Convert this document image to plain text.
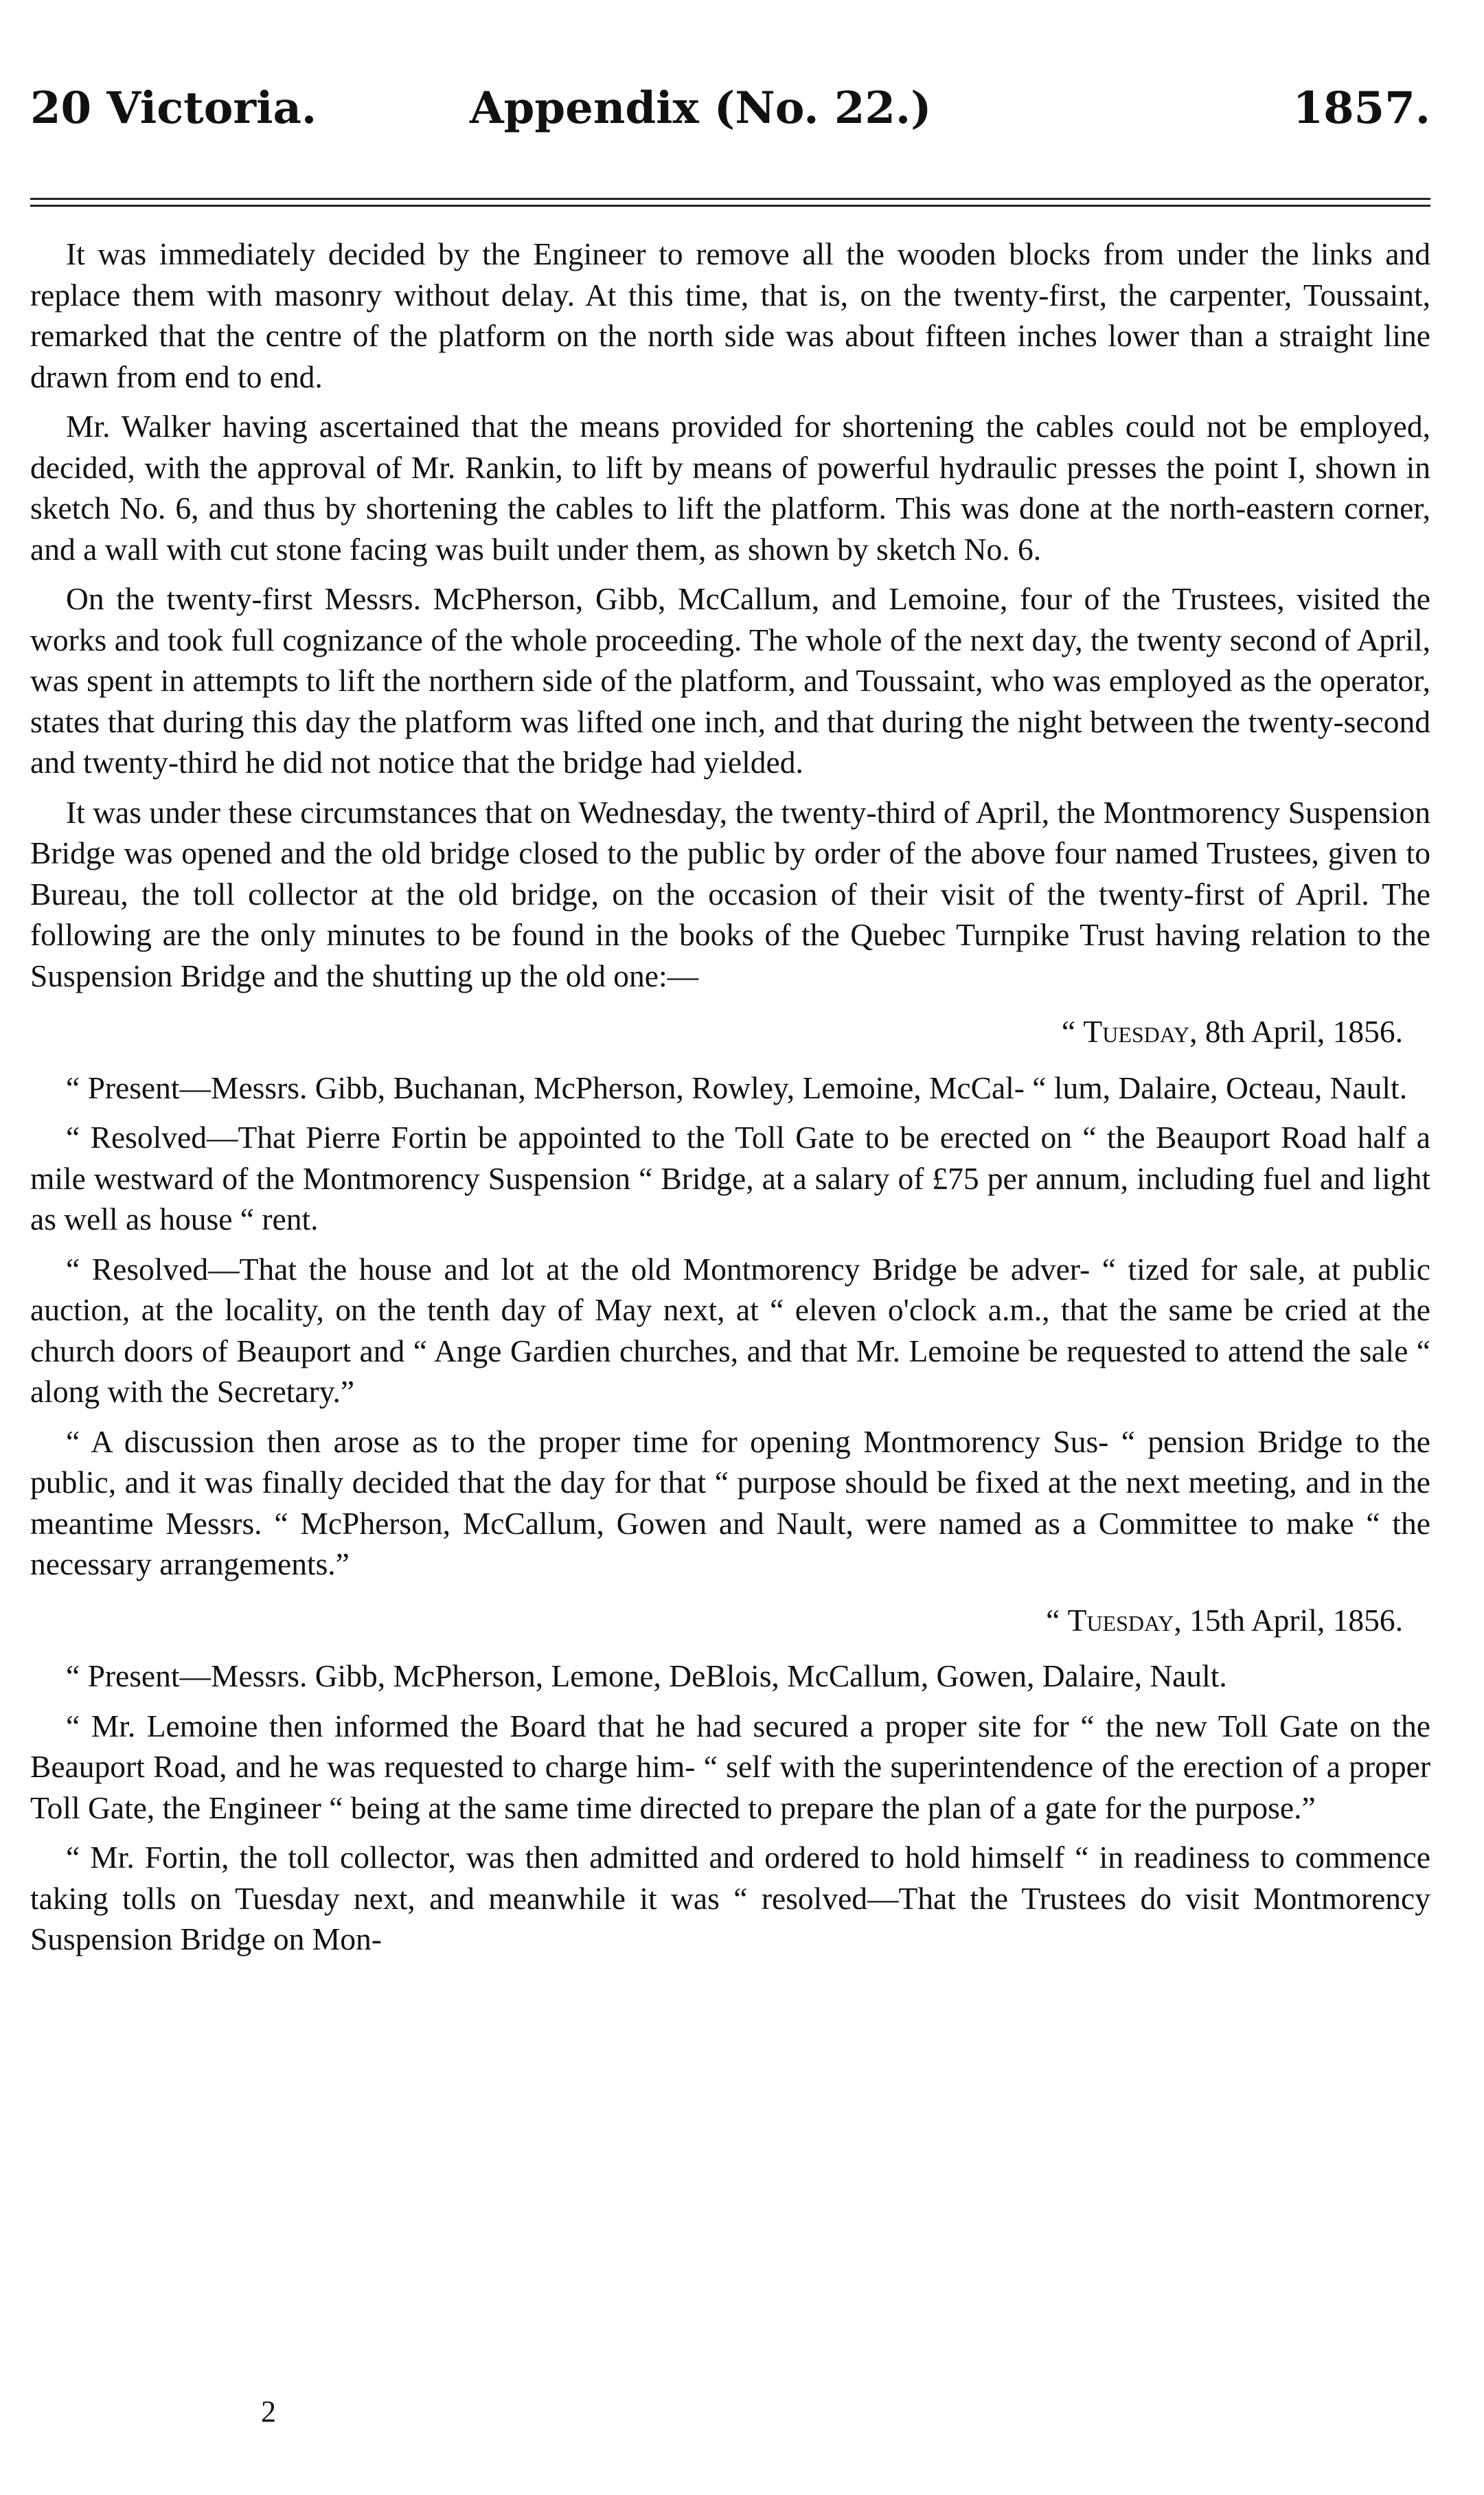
20 Victoria.	Appendix (No. 22.)	1857.

It was immediately decided by the Engineer to remove all the wooden blocks from under the links and replace them with masonry without delay. At this time, that is, on the twenty-first, the carpenter, Toussaint, remarked that the centre of the platform on the north side was about fifteen inches lower than a straight line drawn from end to end.

Mr. Walker having ascertained that the means provided for shortening the cables could not be employed, decided, with the approval of Mr. Rankin, to lift by means of powerful hydraulic presses the point I, shown in sketch No. 6, and thus by shortening the cables to lift the platform. This was done at the north-eastern corner, and a wall with cut stone facing was built under them, as shown by sketch No. 6.

On the twenty-first Messrs. McPherson, Gibb, McCallum, and Lemoine, four of the Trustees, visited the works and took full cognizance of the whole proceeding. The whole of the next day, the twenty second of April, was spent in attempts to lift the northern side of the platform, and Toussaint, who was employed as the operator, states that during this day the platform was lifted one inch, and that during the night between the twenty-second and twenty-third he did not notice that the bridge had yielded.

It was under these circumstances that on Wednesday, the twenty-third of April, the Montmorency Suspension Bridge was opened and the old bridge closed to the public by order of the above four named Trustees, given to Bureau, the toll collector at the old bridge, on the occasion of their visit of the twenty-first of April. The following are the only minutes to be found in the books of the Quebec Turnpike Trust having relation to the Suspension Bridge and the shutting up the old one:—

“ Tuesday, 8th April, 1856.

“ Present—Messrs. Gibb, Buchanan, McPherson, Rowley, Lemoine, McCal- “ lum, Dalaire, Octeau, Nault.

“ Resolved—That Pierre Fortin be appointed to the Toll Gate to be erected on “ the Beauport Road half a mile westward of the Montmorency Suspension “ Bridge, at a salary of £75 per annum, including fuel and light as well as house “ rent.

“ Resolved—That the house and lot at the old Montmorency Bridge be adver- “ tized for sale, at public auction, at the locality, on the tenth day of May next, at “ eleven o'clock a.m., that the same be cried at the church doors of Beauport and “ Ange Gardien churches, and that Mr. Lemoine be requested to attend the sale “ along with the Secretary.”

“ A discussion then arose as to the proper time for opening Montmorency Sus- “ pension Bridge to the public, and it was finally decided that the day for that “ purpose should be fixed at the next meeting, and in the meantime Messrs. “ McPherson, McCallum, Gowen and Nault, were named as a Committee to make “ the necessary arrangements.”

“ Tuesday, 15th April, 1856.

“ Present—Messrs. Gibb, McPherson, Lemone, DeBlois, McCallum, Gowen, Dalaire, Nault.

“ Mr. Lemoine then informed the Board that he had secured a proper site for “ the new Toll Gate on the Beauport Road, and he was requested to charge him- “ self with the superintendence of the erection of a proper Toll Gate, the Engineer “ being at the same time directed to prepare the plan of a gate for the purpose.”

“ Mr. Fortin, the toll collector, was then admitted and ordered to hold himself “ in readiness to commence taking tolls on Tuesday next, and meanwhile it was “ resolved—That the Trustees do visit Montmorency Suspension Bridge on Mon-

2
